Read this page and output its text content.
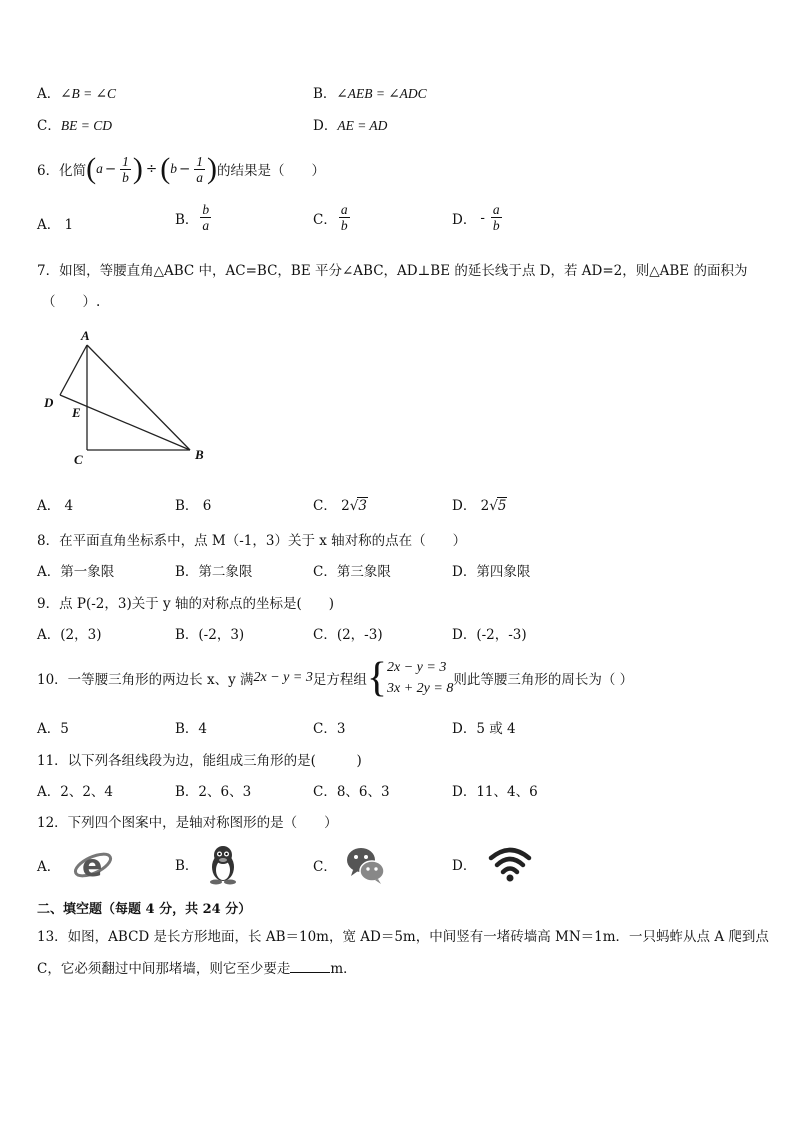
A．∠B = ∠C	B．∠AEB = ∠ADC
C．BE = CD	D．AE = AD
6．化简 ( $a - \frac{1}{b}$ ) ÷ ( $b - \frac{1}{a}$ ) 的结果是（　　）
A． 1	B． $\frac{b}{a}$	C． $\frac{a}{b}$	D． - $\frac{a}{b}$
7．如图，等腰直角△ABC 中，AC=BC，BE 平分∠ABC，AD⊥BE 的延长线于点 D，若 AD=2，则△ABE 的面积为
（　　）.
A
B
C
D
E
A． 4	B． 6	C． 2√3	D． 2√5
8．在平面直角坐标系中，点 M（-1，3）关于 x 轴对称的点在（　　）
A．第一象限	B．第二象限	C．第三象限	D．第四象限
9．点 P(-2，3)关于 y 轴的对称点的坐标是(　　)
A．(2，3)	B．(-2，3)	C．(2，-3)	D．(-2，-3)
10．一等腰三角形的两边长 x、y 满 2x − y = 3 足方程组 { 2x − y = 3
3x + 2y = 8
则此等腰三角形的周长为（ ）
A．5	B．4	C．3	D．5 或 4
11．以下列各组线段为边，能组成三角形的是(　　　)
A．2、2、4	B．2、6、3	C．8、6、3	D．11、4、6
12．下列四个图案中，是轴对称图形的是（　　）
A． e	B．	C．	D．
二、填空题（每题 4 分，共 24 分）
13．如图，ABCD 是长方形地面，长 AB＝10m，宽 AD＝5m，中间竖有一堵砖墙高 MN＝1m．一只蚂蚱从点 A 爬到点
C，它必须翻过中间那堵墙，则它至少要走	m．
